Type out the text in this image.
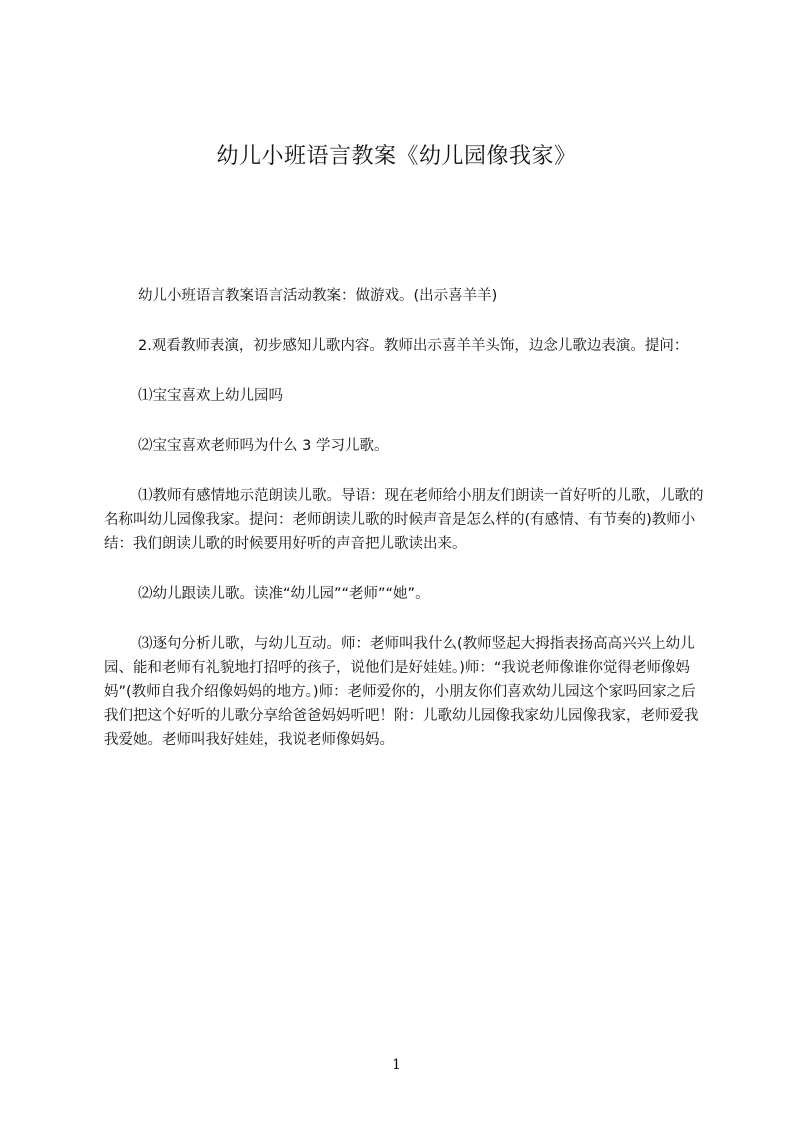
幼儿小班语言教案《幼儿园像我家》

幼儿小班语言教案语言活动教案：做游戏。(出示喜羊羊)

2.观看教师表演，初步感知儿歌内容。教师出示喜羊羊头饰，边念儿歌边表演。提问：

⑴宝宝喜欢上幼儿园吗

⑵宝宝喜欢老师吗为什么 3 学习儿歌。

⑴教师有感情地示范朗读儿歌。导语：现在老师给小朋友们朗读一首好听的儿歌，儿歌的名称叫幼儿园像我家。提问：老师朗读儿歌的时候声音是怎么样的(有感情、有节奏的)教师小结：我们朗读儿歌的时候要用好听的声音把儿歌读出来。

⑵幼儿跟读儿歌。读准“幼儿园”“老师”“她”。

⑶逐句分析儿歌，与幼儿互动。师：老师叫我什么(教师竖起大拇指表扬高高兴兴上幼儿园、能和老师有礼貌地打招呼的孩子，说他们是好娃娃。)师：“我说老师像谁你觉得老师像妈妈”(教师自我介绍像妈妈的地方。)师：老师爱你的，小朋友你们喜欢幼儿园这个家吗回家之后我们把这个好听的儿歌分享给爸爸妈妈听吧！附：儿歌幼儿园像我家幼儿园像我家，老师爱我我爱她。老师叫我好娃娃，我说老师像妈妈。

1
